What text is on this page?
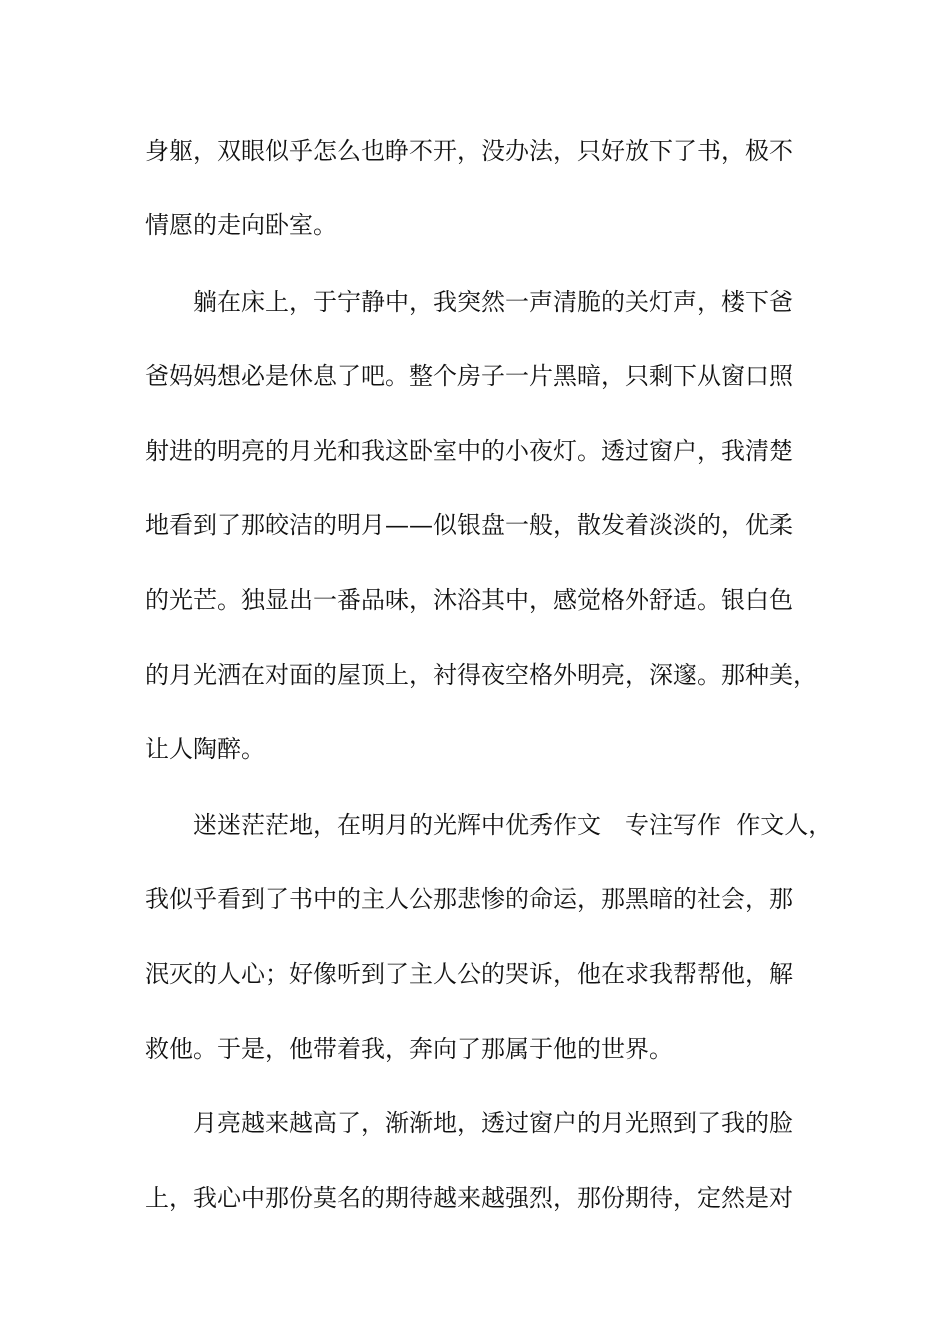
身躯，双眼似乎怎么也睁不开，没办法，只好放下了书，极不
情愿的走向卧室。
躺在床上，于宁静中，我突然一声清脆的关灯声，楼下爸
爸妈妈想必是休息了吧。整个房子一片黑暗，只剩下从窗口照
射进的明亮的月光和我这卧室中的小夜灯。透过窗户，我清楚
地看到了那皎洁的明月——似银盘一般，散发着淡淡的，优柔
的光芒。独显出一番品味，沐浴其中，感觉格外舒适。银白色
的月光洒在对面的屋顶上，衬得夜空格外明亮，深邃。那种美，
让人陶醉。
迷迷茫茫地，在明月的光辉中优秀作文　专注写作  作文人，
我似乎看到了书中的主人公那悲惨的命运，那黑暗的社会，那
泯灭的人心；好像听到了主人公的哭诉，他在求我帮帮他，解
救他。于是，他带着我，奔向了那属于他的世界。
月亮越来越高了，渐渐地，透过窗户的月光照到了我的脸
上，我心中那份莫名的期待越来越强烈，那份期待，定然是对
